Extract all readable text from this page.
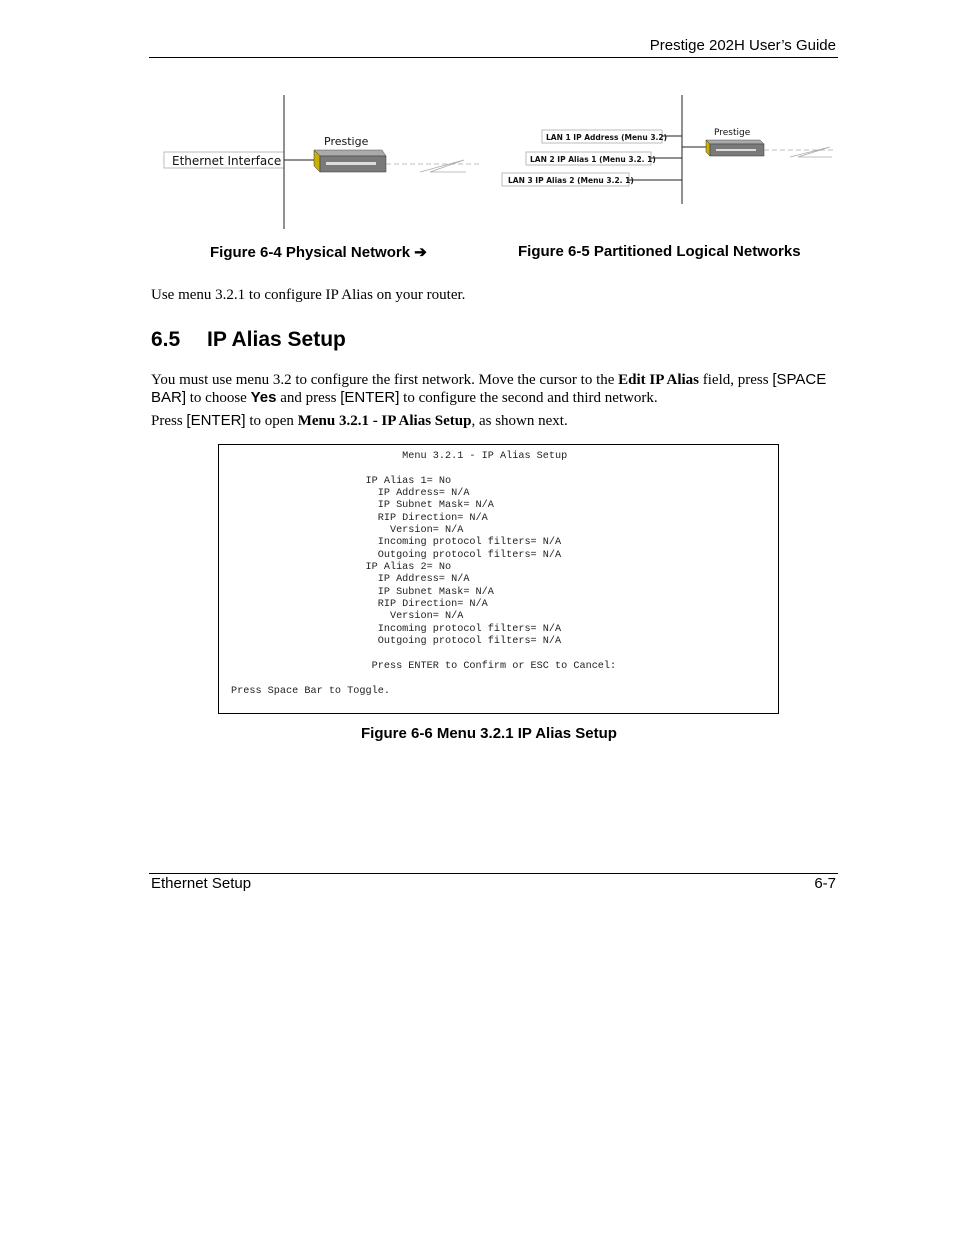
Prestige 202H User’s Guide
Ethernet Interface
Prestige	LAN 1 IP Address (Menu 3.2)
LAN 2 IP Alias 1 (Menu 3.2. 1)
LAN 3 IP Alias 2 (Menu 3.2. 1)
Prestige
Figure 6-4 Physical Network ➔	Figure 6-5 Partitioned Logical Networks
Use menu 3.2.1 to configure IP Alias on your router.
6.5 IP Alias Setup
You must use menu 3.2 to configure the first network. Move the cursor to the Edit IP Alias field, press [SPACE BAR] to choose Yes and press [ENTER] to configure the second and third network.
Press [ENTER] to open Menu 3.2.1 - IP Alias Setup, as shown next.
Menu 3.2.1 - IP Alias Setup

IP Alias 1= No
IP Address= N/A
IP Subnet Mask= N/A
RIP Direction= N/A
Version= N/A
Incoming protocol filters= N/A
Outgoing protocol filters= N/A
IP Alias 2= No
IP Address= N/A
IP Subnet Mask= N/A
RIP Direction= N/A
Version= N/A
Incoming protocol filters= N/A
Outgoing protocol filters= N/A

Press ENTER to Confirm or ESC to Cancel:

Press Space Bar to Toggle.
Figure 6-6 Menu 3.2.1 IP Alias Setup
Ethernet Setup	6-7
